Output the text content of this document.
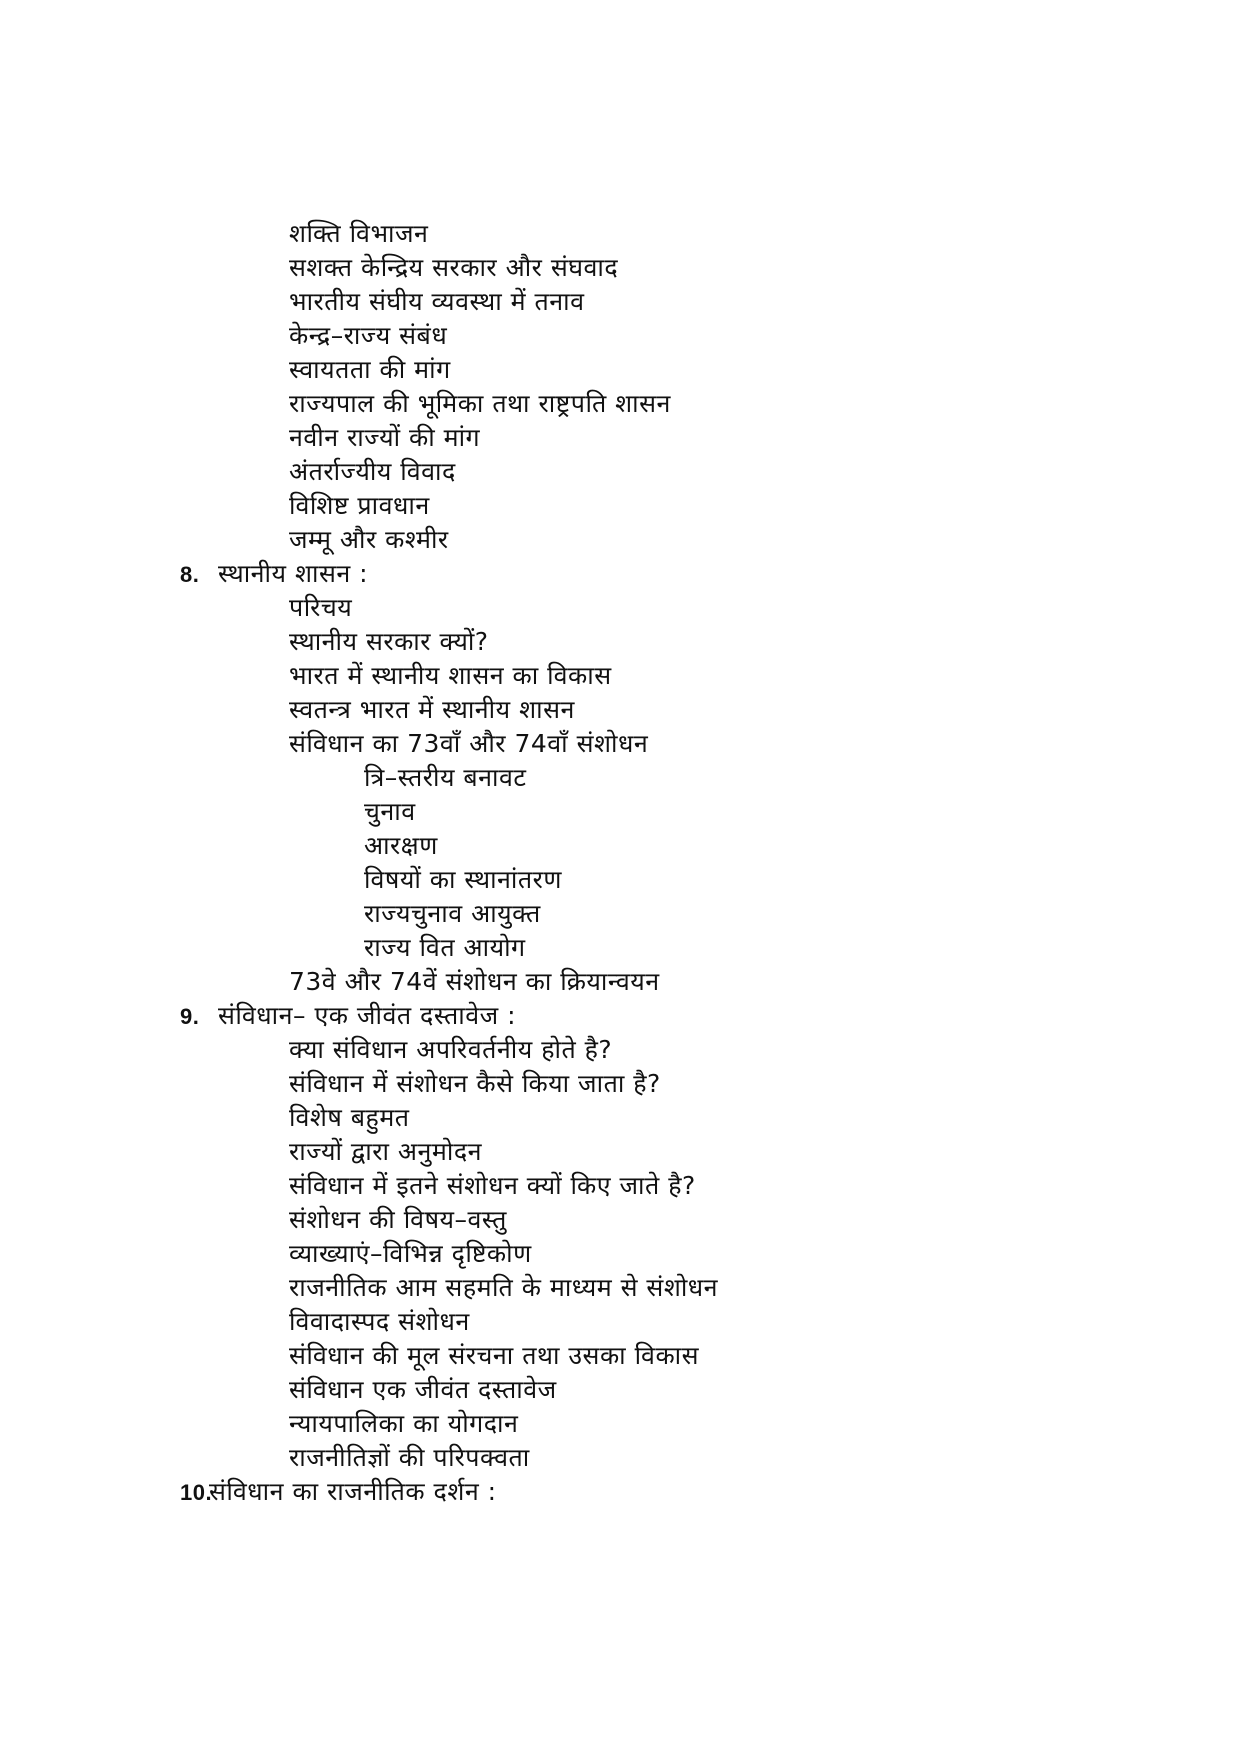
शक्ति विभाजन
सशक्त केन्द्रिय सरकार और संघवाद
भारतीय संघीय व्यवस्था में तनाव
केन्द्र–राज्य संबंध
स्वायतता की मांग
राज्यपाल की भूमिका तथा राष्ट्रपति शासन
नवीन राज्यों की मांग
अंतर्राज्यीय विवाद
विशिष्ट प्रावधान
जम्मू और कश्मीर
8. स्थानीय शासन :
परिचय
स्थानीय सरकार क्यों?
भारत में स्थानीय शासन का विकास
स्वतन्त्र भारत में स्थानीय शासन
संविधान का 73वाँ और 74वाँ संशोधन
त्रि–स्तरीय बनावट
चुनाव
आरक्षण
विषयों का स्थानांतरण
राज्यचुनाव आयुक्त
राज्य वित आयोग
73वे और 74वें संशोधन का क्रियान्वयन
9. संविधान– एक जीवंत दस्तावेज :
क्या संविधान अपरिवर्तनीय होते है?
संविधान में संशोधन कैसे किया जाता है?
विशेष बहुमत
राज्यों द्वारा अनुमोदन
संविधान में इतने संशोधन क्यों किए जाते है?
संशोधन की विषय–वस्तु
व्याख्याएं–विभिन्न दृष्टिकोण
राजनीतिक आम सहमति के माध्यम से संशोधन
विवादास्पद संशोधन
संविधान की मूल संरचना तथा उसका विकास
संविधान एक जीवंत दस्तावेज
न्यायपालिका का योगदान
राजनीतिज्ञों की परिपक्वता
10.संविधान का राजनीतिक दर्शन :
